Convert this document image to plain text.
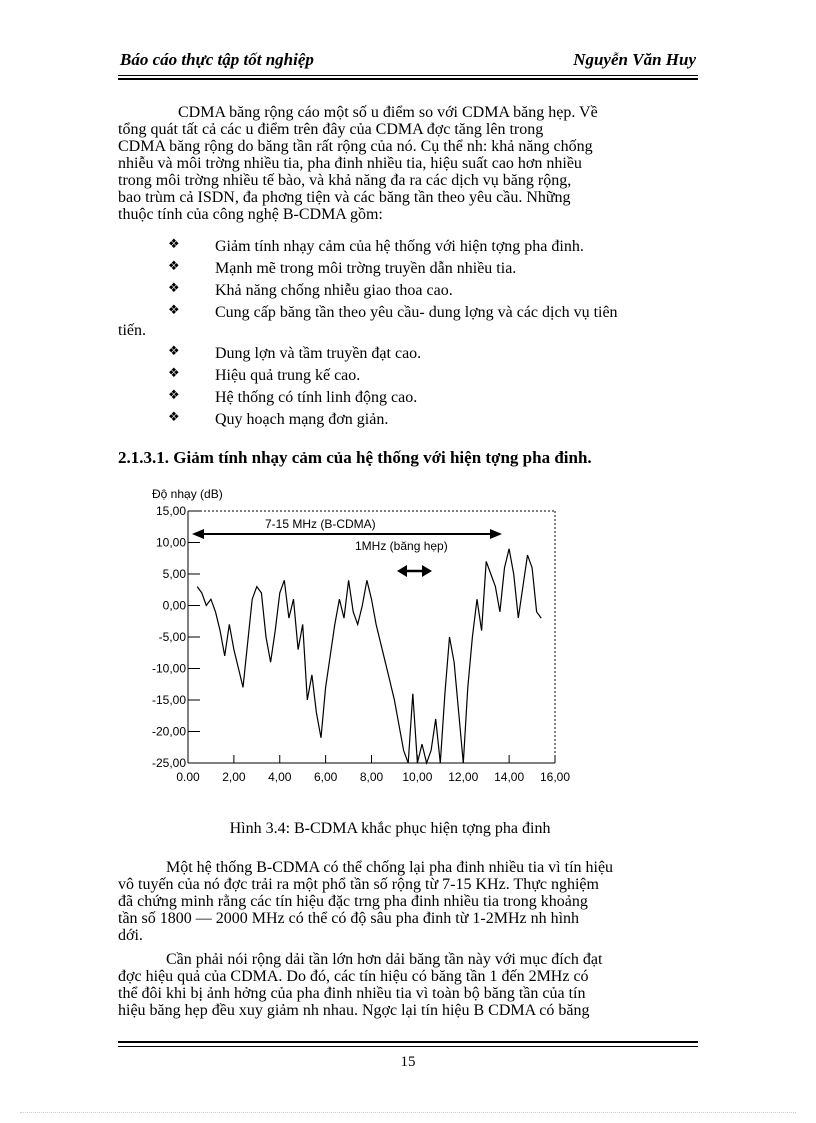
Báo cáo thực tập tốt nghiệp	Nguyễn Văn Huy
CDMA băng rộng cáo một số u điểm so với CDMA băng hẹp. Về
tổng quát tất cả các u điểm trên đây của CDMA đợc tăng lên trong
CDMA băng rộng do băng tần rất rộng của nó. Cụ thể nh: khả năng chống
nhiễu và môi trờng nhiều tia, pha đinh nhiều tia, hiệu suất cao hơn nhiều
trong môi trờng nhiều tế bào, và khả năng đa ra các dịch vụ băng rộng,
bao trùm cả ISDN, đa phơng tiện và các băng tần theo yêu cầu. Những
thuộc tính của công nghệ B-CDMA gồm:
❖ Giảm tính nhạy cảm của hệ thống với hiện tợng pha đinh.
❖ Mạnh mẽ trong môi trờng truyền dẫn nhiều tia.
❖ Khả năng chống nhiễu giao thoa cao.
❖ Cung cấp băng tần theo yêu cầu- dung lợng và các dịch vụ tiên
tiến.
❖ Dung lợn và tầm truyền đạt cao.
❖ Hiệu quả trung kế cao.
❖ Hệ thống có tính linh động cao.
❖ Quy hoạch mạng đơn giản.
2.1.3.1. Giảm tính nhạy cảm của hệ thống với hiện tợng pha đinh.
Độ nhạy (dB)
15,00
10,00
5,00
0,00
-5,00
-10,00
-15,00
-20,00
-25,00
0.00 2,00 4,00 6,00 8,00 10,00 12,00 14,00 16,00
7-15 MHz (B-CDMA)
1MHz (băng hẹp)
Hình 3.4: B-CDMA khắc phục hiện tợng pha đinh
Một hệ thống B-CDMA có thể chống lại pha đinh nhiều tia vì tín hiệu
vô tuyến của nó đợc trải ra một phổ tần số rộng từ 7-15 KHz. Thực nghiệm
đã chứng minh rằng các tín hiệu đặc trng pha đinh nhiều tia trong khoảng
tần số 1800 — 2000 MHz có thể có độ sâu pha đinh từ 1-2MHz nh hình
dới.
Cần phải nói rộng dải tần lớn hơn dải băng tần này với mục đích đạt
đợc hiệu quả của CDMA. Do đó, các tín hiệu có băng tần 1 đến 2MHz có
thể đôi khi bị ảnh hởng của pha đinh nhiều tia vì toàn bộ băng tần của tín
hiệu băng hẹp đều xuy giảm nh nhau. Ngợc lại tín hiệu B CDMA có băng
15
